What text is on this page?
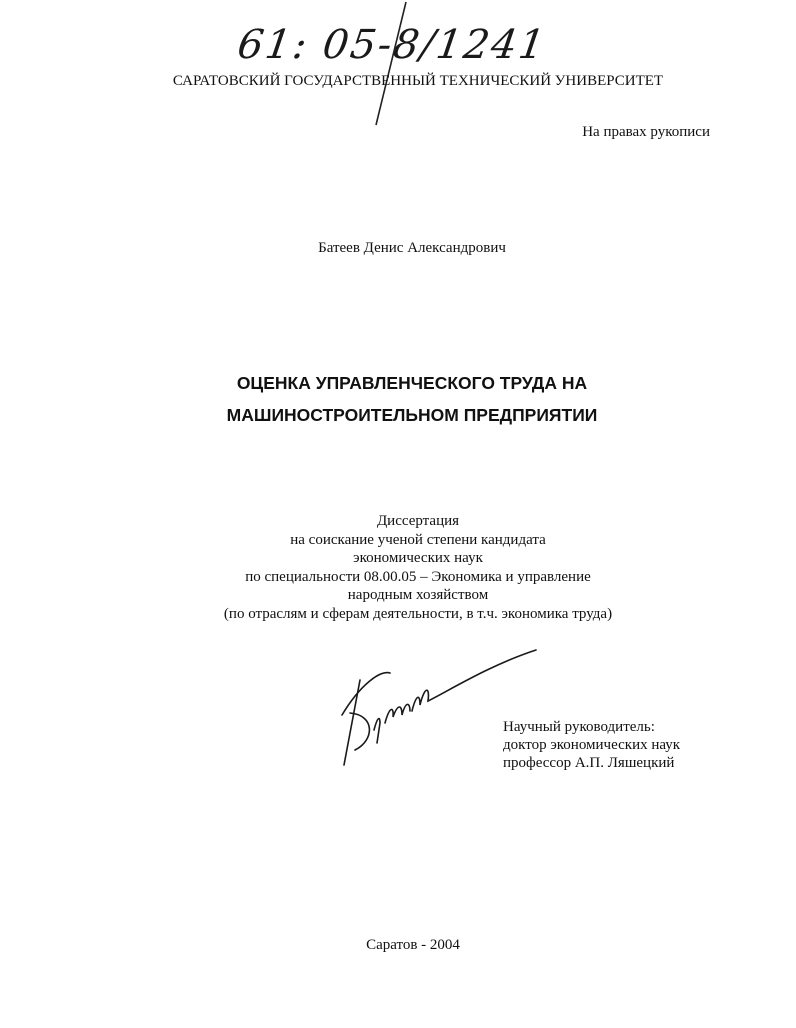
61: 05-8/1241
САРАТОВСКИЙ ГОСУДАРСТВЕННЫЙ ТЕХНИЧЕСКИЙ УНИВЕРСИТЕТ
На правах рукописи
Батеев Денис Александрович
ОЦЕНКА УПРАВЛЕНЧЕСКОГО ТРУДА НА
МАШИНОСТРОИТЕЛЬНОМ ПРЕДПРИЯТИИ
Диссертация
на соискание ученой степени кандидата
экономических наук
по специальности 08.00.05 – Экономика и управление
народным хозяйством
(по отраслям и сферам деятельности, в т.ч. экономика труда)
Научный руководитель:
доктор экономических наук
профессор А.П. Ляшецкий
Саратов - 2004
